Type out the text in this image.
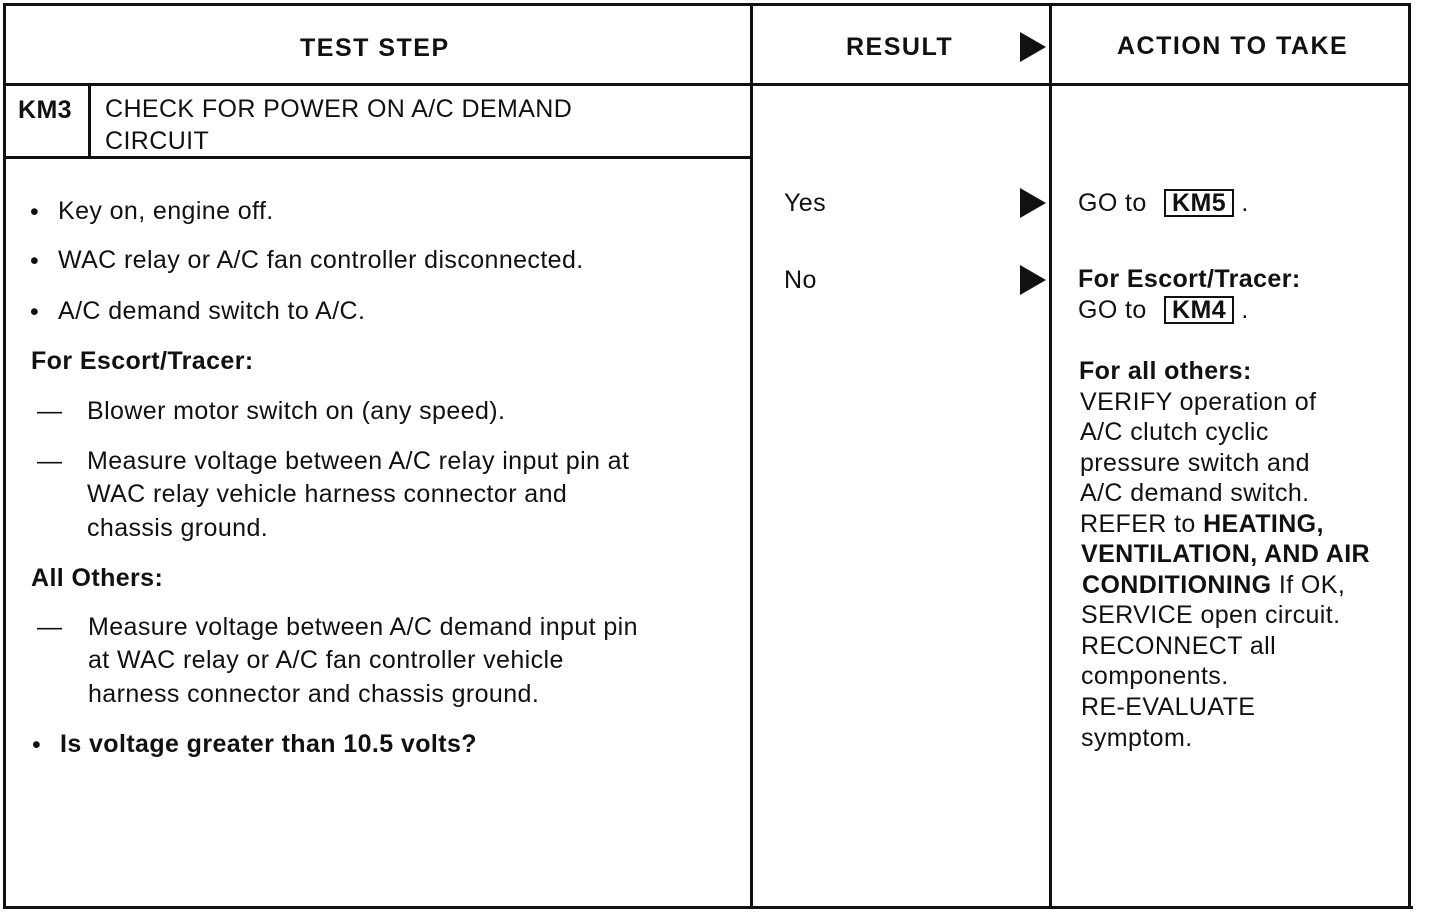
TEST STEP	RESULT	ACTION TO TAKE
KM3 CHECK FOR POWER ON A/C DEMAND
CIRCUIT
• Key on, engine off.
• WAC relay or A/C fan controller disconnected.
• A/C demand switch to A/C.
For Escort/Tracer:
— Blower motor switch on (any speed).
— Measure voltage between A/C relay input pin at
WAC relay vehicle harness connector and
chassis ground.
All Others:
— Measure voltage between A/C demand input pin
at WAC relay or A/C fan controller vehicle
harness connector and chassis ground.
• Is voltage greater than 10.5 volts?
Yes
No
GO to KM5 .
For Escort/Tracer:
GO to KM4 .
For all others:
VERIFY operation of
A/C clutch cyclic
pressure switch and
A/C demand switch.
REFER to HEATING,
VENTILATION, AND AIR
CONDITIONING If OK,
SERVICE open circuit.
RECONNECT all
components.
RE-EVALUATE
symptom.
